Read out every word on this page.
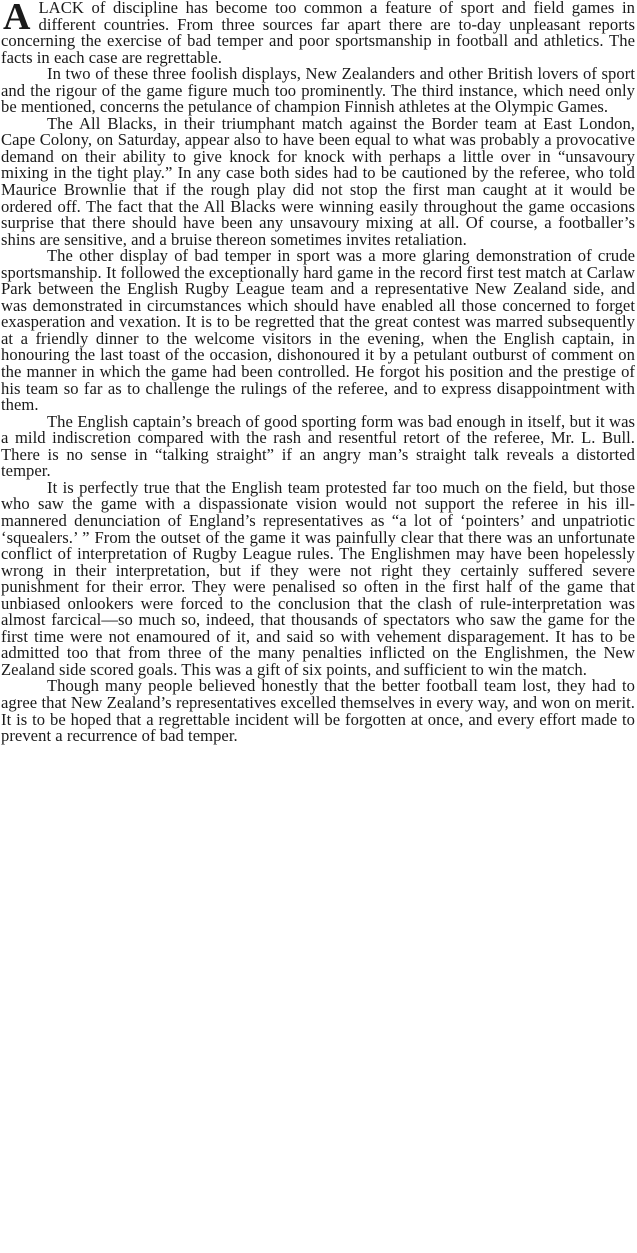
ALACK of discipline has become too common a feature of sport and field games in different countries. From three sources far apart there are to-day unpleasant reports concerning the exercise of bad temper and poor sportsmanship in football and athletics. The facts in each case are regrettable.

In two of these three foolish displays, New Zealanders and other British lovers of sport and the rigour of the game figure much too prominently. The third instance, which need only be mentioned, concerns the petulance of champion Finnish athletes at the Olympic Games.

The All Blacks, in their triumphant match against the Border team at East London, Cape Colony, on Saturday, appear also to have been equal to what was probably a provocative demand on their ability to give knock for knock with perhaps a little over in “unsavoury mixing in the tight play.” In any case both sides had to be cautioned by the referee, who told Maurice Brownlie that if the rough play did not stop the first man caught at it would be ordered off. The fact that the All Blacks were winning easily throughout the game occasions surprise that there should have been any unsavoury mixing at all. Of course, a footballer’s shins are sensitive, and a bruise thereon sometimes invites retaliation.

The other display of bad temper in sport was a more glaring demonstration of crude sportsmanship. It followed the exceptionally hard game in the record first test match at Carlaw Park between the English Rugby League team and a representative New Zealand side, and was demonstrated in circumstances which should have enabled all those concerned to forget exasperation and vexation. It is to be regretted that the great contest was marred subsequently at a friendly dinner to the welcome visitors in the evening, when the English captain, in honouring the last toast of the occasion, dishonoured it by a petulant outburst of comment on the manner in which the game had been controlled. He forgot his position and the prestige of his team so far as to challenge the rulings of the referee, and to express disappointment with them.

The English captain’s breach of good sporting form was bad enough in itself, but it was a mild indiscretion compared with the rash and resentful retort of the referee, Mr. L. Bull. There is no sense in “talking straight” if an angry man’s straight talk reveals a distorted temper.

It is perfectly true that the English team protested far too much on the field, but those who saw the game with a dispassionate vision would not support the referee in his ill-mannered denunciation of England’s representatives as “a lot of ‘pointers’ and unpatriotic ‘squealers.’ ” From the outset of the game it was painfully clear that there was an unfortunate conflict of interpretation of Rugby League rules. The Englishmen may have been hopelessly wrong in their interpretation, but if they were not right they certainly suffered severe punishment for their error. They were penalised so often in the first half of the game that unbiased onlookers were forced to the conclusion that the clash of rule-interpretation was almost farcical—so much so, indeed, that thousands of spectators who saw the game for the first time were not enamoured of it, and said so with vehement disparagement. It has to be admitted too that from three of the many penalties inflicted on the Englishmen, the New Zealand side scored goals. This was a gift of six points, and sufficient to win the match.

Though many people believed honestly that the better football team lost, they had to agree that New Zealand’s representatives excelled themselves in every way, and won on merit. It is to be hoped that a regrettable incident will be forgotten at once, and every effort made to prevent a recurrence of bad temper.
